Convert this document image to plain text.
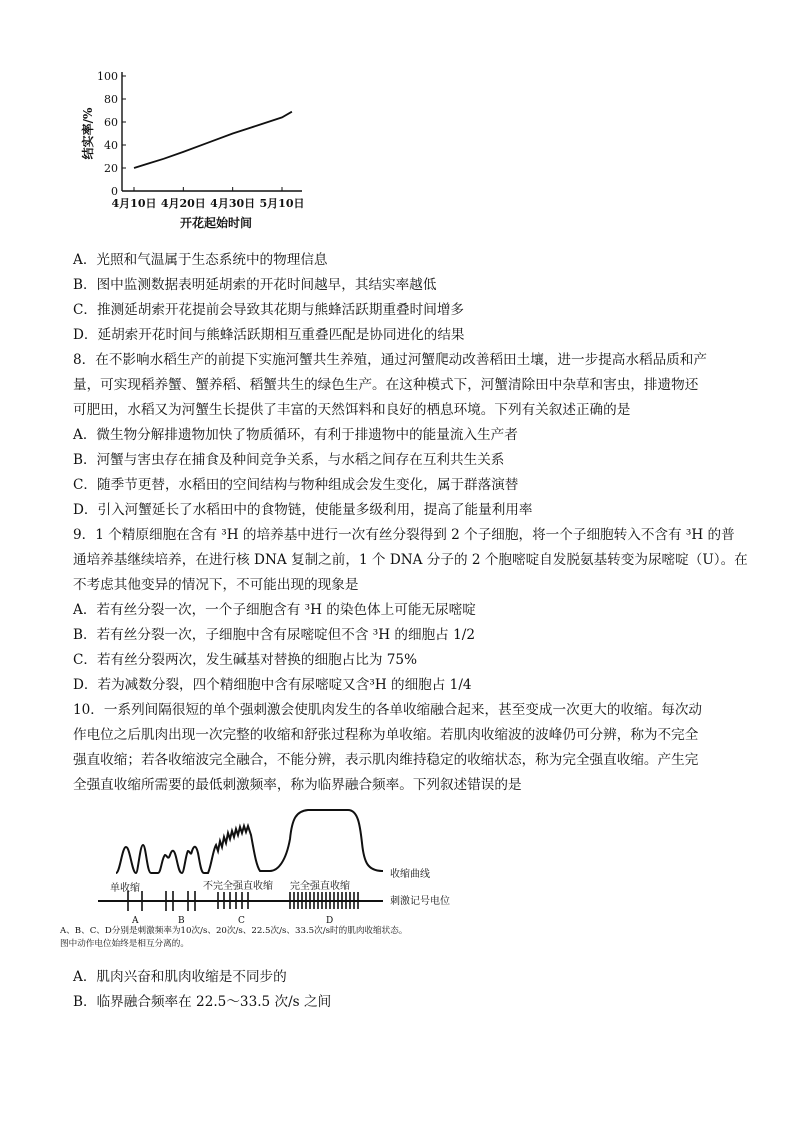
100
80
60
40
20
0
4月10日 4月20日 4月30日 5月10日
结实率/%
开花起始时间
A．光照和气温属于生态系统中的物理信息
B．图中监测数据表明延胡索的开花时间越早，其结实率越低
C．推测延胡索开花提前会导致其花期与熊蜂活跃期重叠时间增多
D．延胡索开花时间与熊蜂活跃期相互重叠匹配是协同进化的结果
8．在不影响水稻生产的前提下实施河蟹共生养殖，通过河蟹爬动改善稻田土壤，进一步提高水稻品质和产
量，可实现稻养蟹、蟹养稻、稻蟹共生的绿色生产。在这种模式下，河蟹清除田中杂草和害虫，排遗物还
可肥田，水稻又为河蟹生长提供了丰富的天然饵料和良好的栖息环境。下列有关叙述正确的是
A．微生物分解排遗物加快了物质循环，有利于排遗物中的能量流入生产者
B．河蟹与害虫存在捕食及种间竞争关系，与水稻之间存在互利共生关系
C．随季节更替，水稻田的空间结构与物种组成会发生变化，属于群落演替
D．引入河蟹延长了水稻田中的食物链，使能量多级利用，提高了能量利用率
9．1 个精原细胞在含有 ³H 的培养基中进行一次有丝分裂得到 2 个子细胞，将一个子细胞转入不含有 ³H 的普
通培养基继续培养，在进行核 DNA 复制之前，1 个 DNA 分子的 2 个胞嘧啶自发脱氨基转变为尿嘧啶（U）。在
不考虑其他变异的情况下，不可能出现的现象是
A．若有丝分裂一次，一个子细胞含有 ³H 的染色体上可能无尿嘧啶
B．若有丝分裂一次，子细胞中含有尿嘧啶但不含 ³H 的细胞占 1/2
C．若有丝分裂两次，发生碱基对替换的细胞占比为 75%
D．若为减数分裂，四个精细胞中含有尿嘧啶又含³H 的细胞占 1/4
10．一系列间隔很短的单个强刺激会使肌肉发生的各单收缩融合起来，甚至变成一次更大的收缩。每次动
作电位之后肌肉出现一次完整的收缩和舒张过程称为单收缩。若肌肉收缩波的波峰仍可分辨，称为不完全
强直收缩；若各收缩波完全融合，不能分辨，表示肌肉维持稳定的收缩状态，称为完全强直收缩。产生完
全强直收缩所需要的最低刺激频率，称为临界融合频率。下列叙述错误的是
单收缩	不完全强直收缩 完全强直收缩
收缩曲线
刺激记号电位
A	B	C	D
A、B、C、D分别是刺激频率为10次/s、20次/s、22.5次/s、33.5次/s时的肌肉收缩状态。
图中动作电位始终是相互分离的。
A．肌肉兴奋和肌肉收缩是不同步的
B．临界融合频率在 22.5～33.5 次/s 之间
